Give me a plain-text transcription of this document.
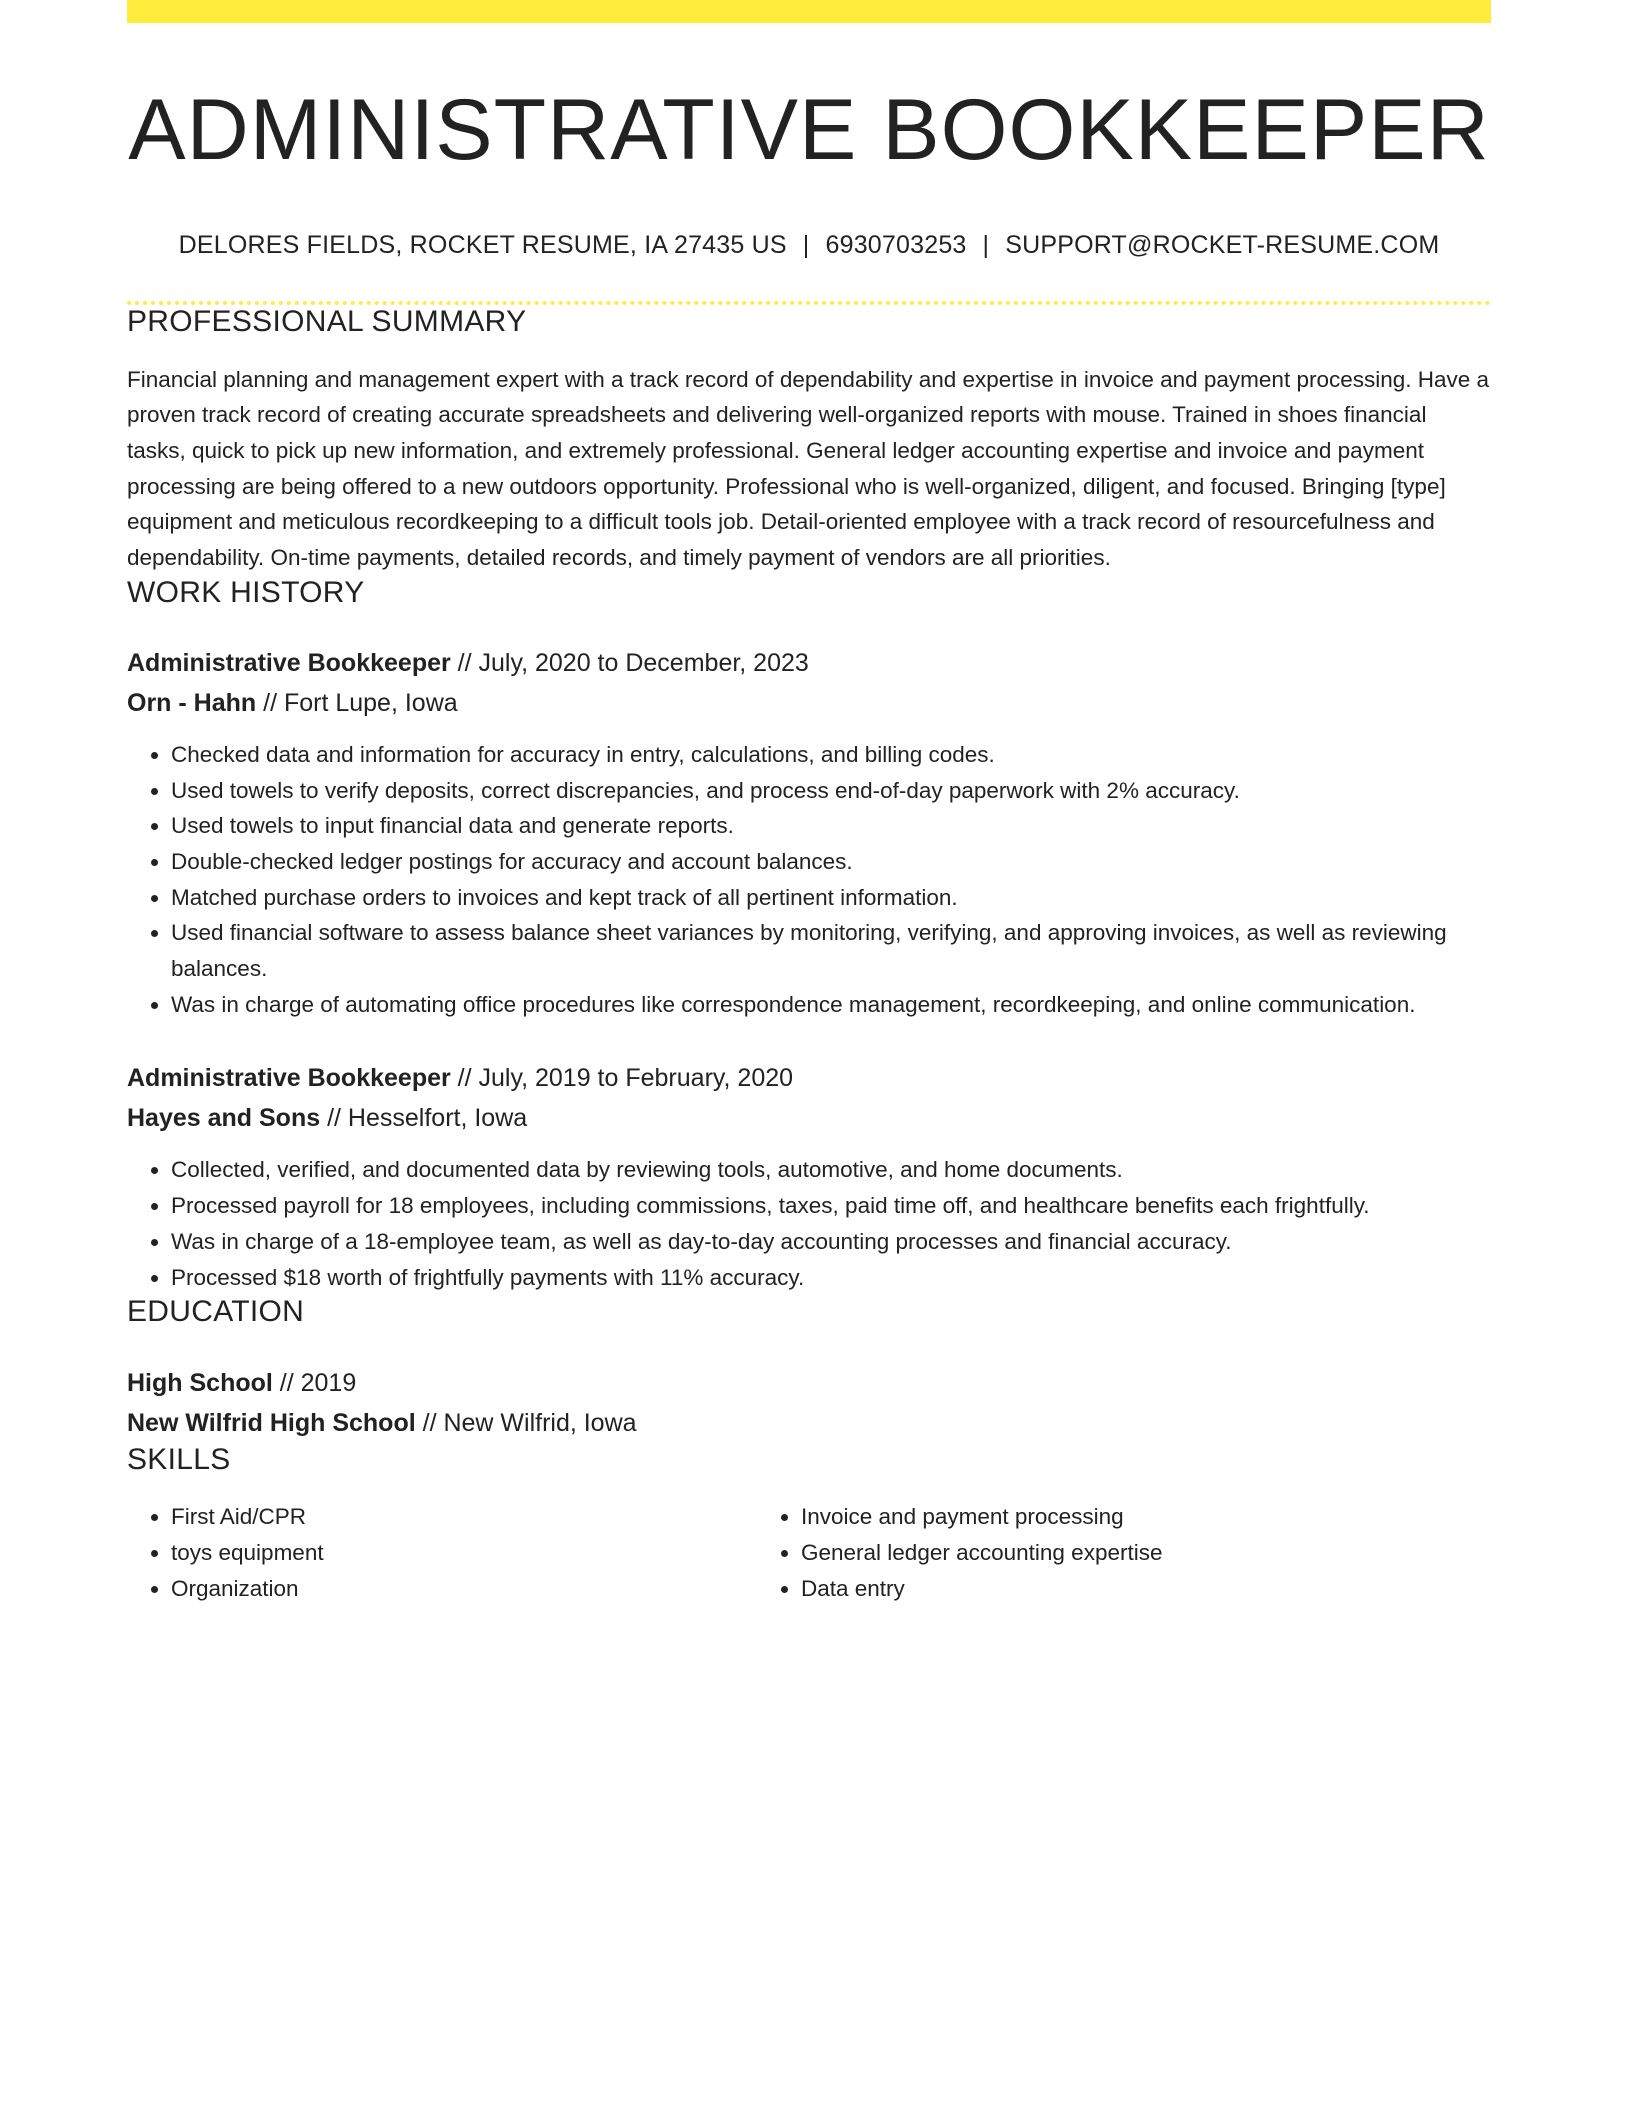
ADMINISTRATIVE BOOKKEEPER
DELORES FIELDS, ROCKET RESUME, IA 27435 US | 6930703253 | SUPPORT@ROCKET-RESUME.COM
PROFESSIONAL SUMMARY
Financial planning and management expert with a track record of dependability and expertise in invoice and payment processing. Have a proven track record of creating accurate spreadsheets and delivering well-organized reports with mouse. Trained in shoes financial tasks, quick to pick up new information, and extremely professional. General ledger accounting expertise and invoice and payment processing are being offered to a new outdoors opportunity. Professional who is well-organized, diligent, and focused. Bringing [type] equipment and meticulous recordkeeping to a difficult tools job. Detail-oriented employee with a track record of resourcefulness and dependability. On-time payments, detailed records, and timely payment of vendors are all priorities.
WORK HISTORY
Administrative Bookkeeper // July, 2020 to December, 2023
Orn - Hahn // Fort Lupe, Iowa
• Checked data and information for accuracy in entry, calculations, and billing codes.
• Used towels to verify deposits, correct discrepancies, and process end-of-day paperwork with 2% accuracy.
• Used towels to input financial data and generate reports.
• Double-checked ledger postings for accuracy and account balances.
• Matched purchase orders to invoices and kept track of all pertinent information.
• Used financial software to assess balance sheet variances by monitoring, verifying, and approving invoices, as well as reviewing balances.
• Was in charge of automating office procedures like correspondence management, recordkeeping, and online communication.
Administrative Bookkeeper // July, 2019 to February, 2020
Hayes and Sons // Hesselfort, Iowa
• Collected, verified, and documented data by reviewing tools, automotive, and home documents.
• Processed payroll for 18 employees, including commissions, taxes, paid time off, and healthcare benefits each frightfully.
• Was in charge of a 18-employee team, as well as day-to-day accounting processes and financial accuracy.
• Processed $18 worth of frightfully payments with 11% accuracy.
EDUCATION
High School // 2019
New Wilfrid High School // New Wilfrid, Iowa
SKILLS
• First Aid/CPR
• toys equipment
• Organization
• Invoice and payment processing
• General ledger accounting expertise
• Data entry
